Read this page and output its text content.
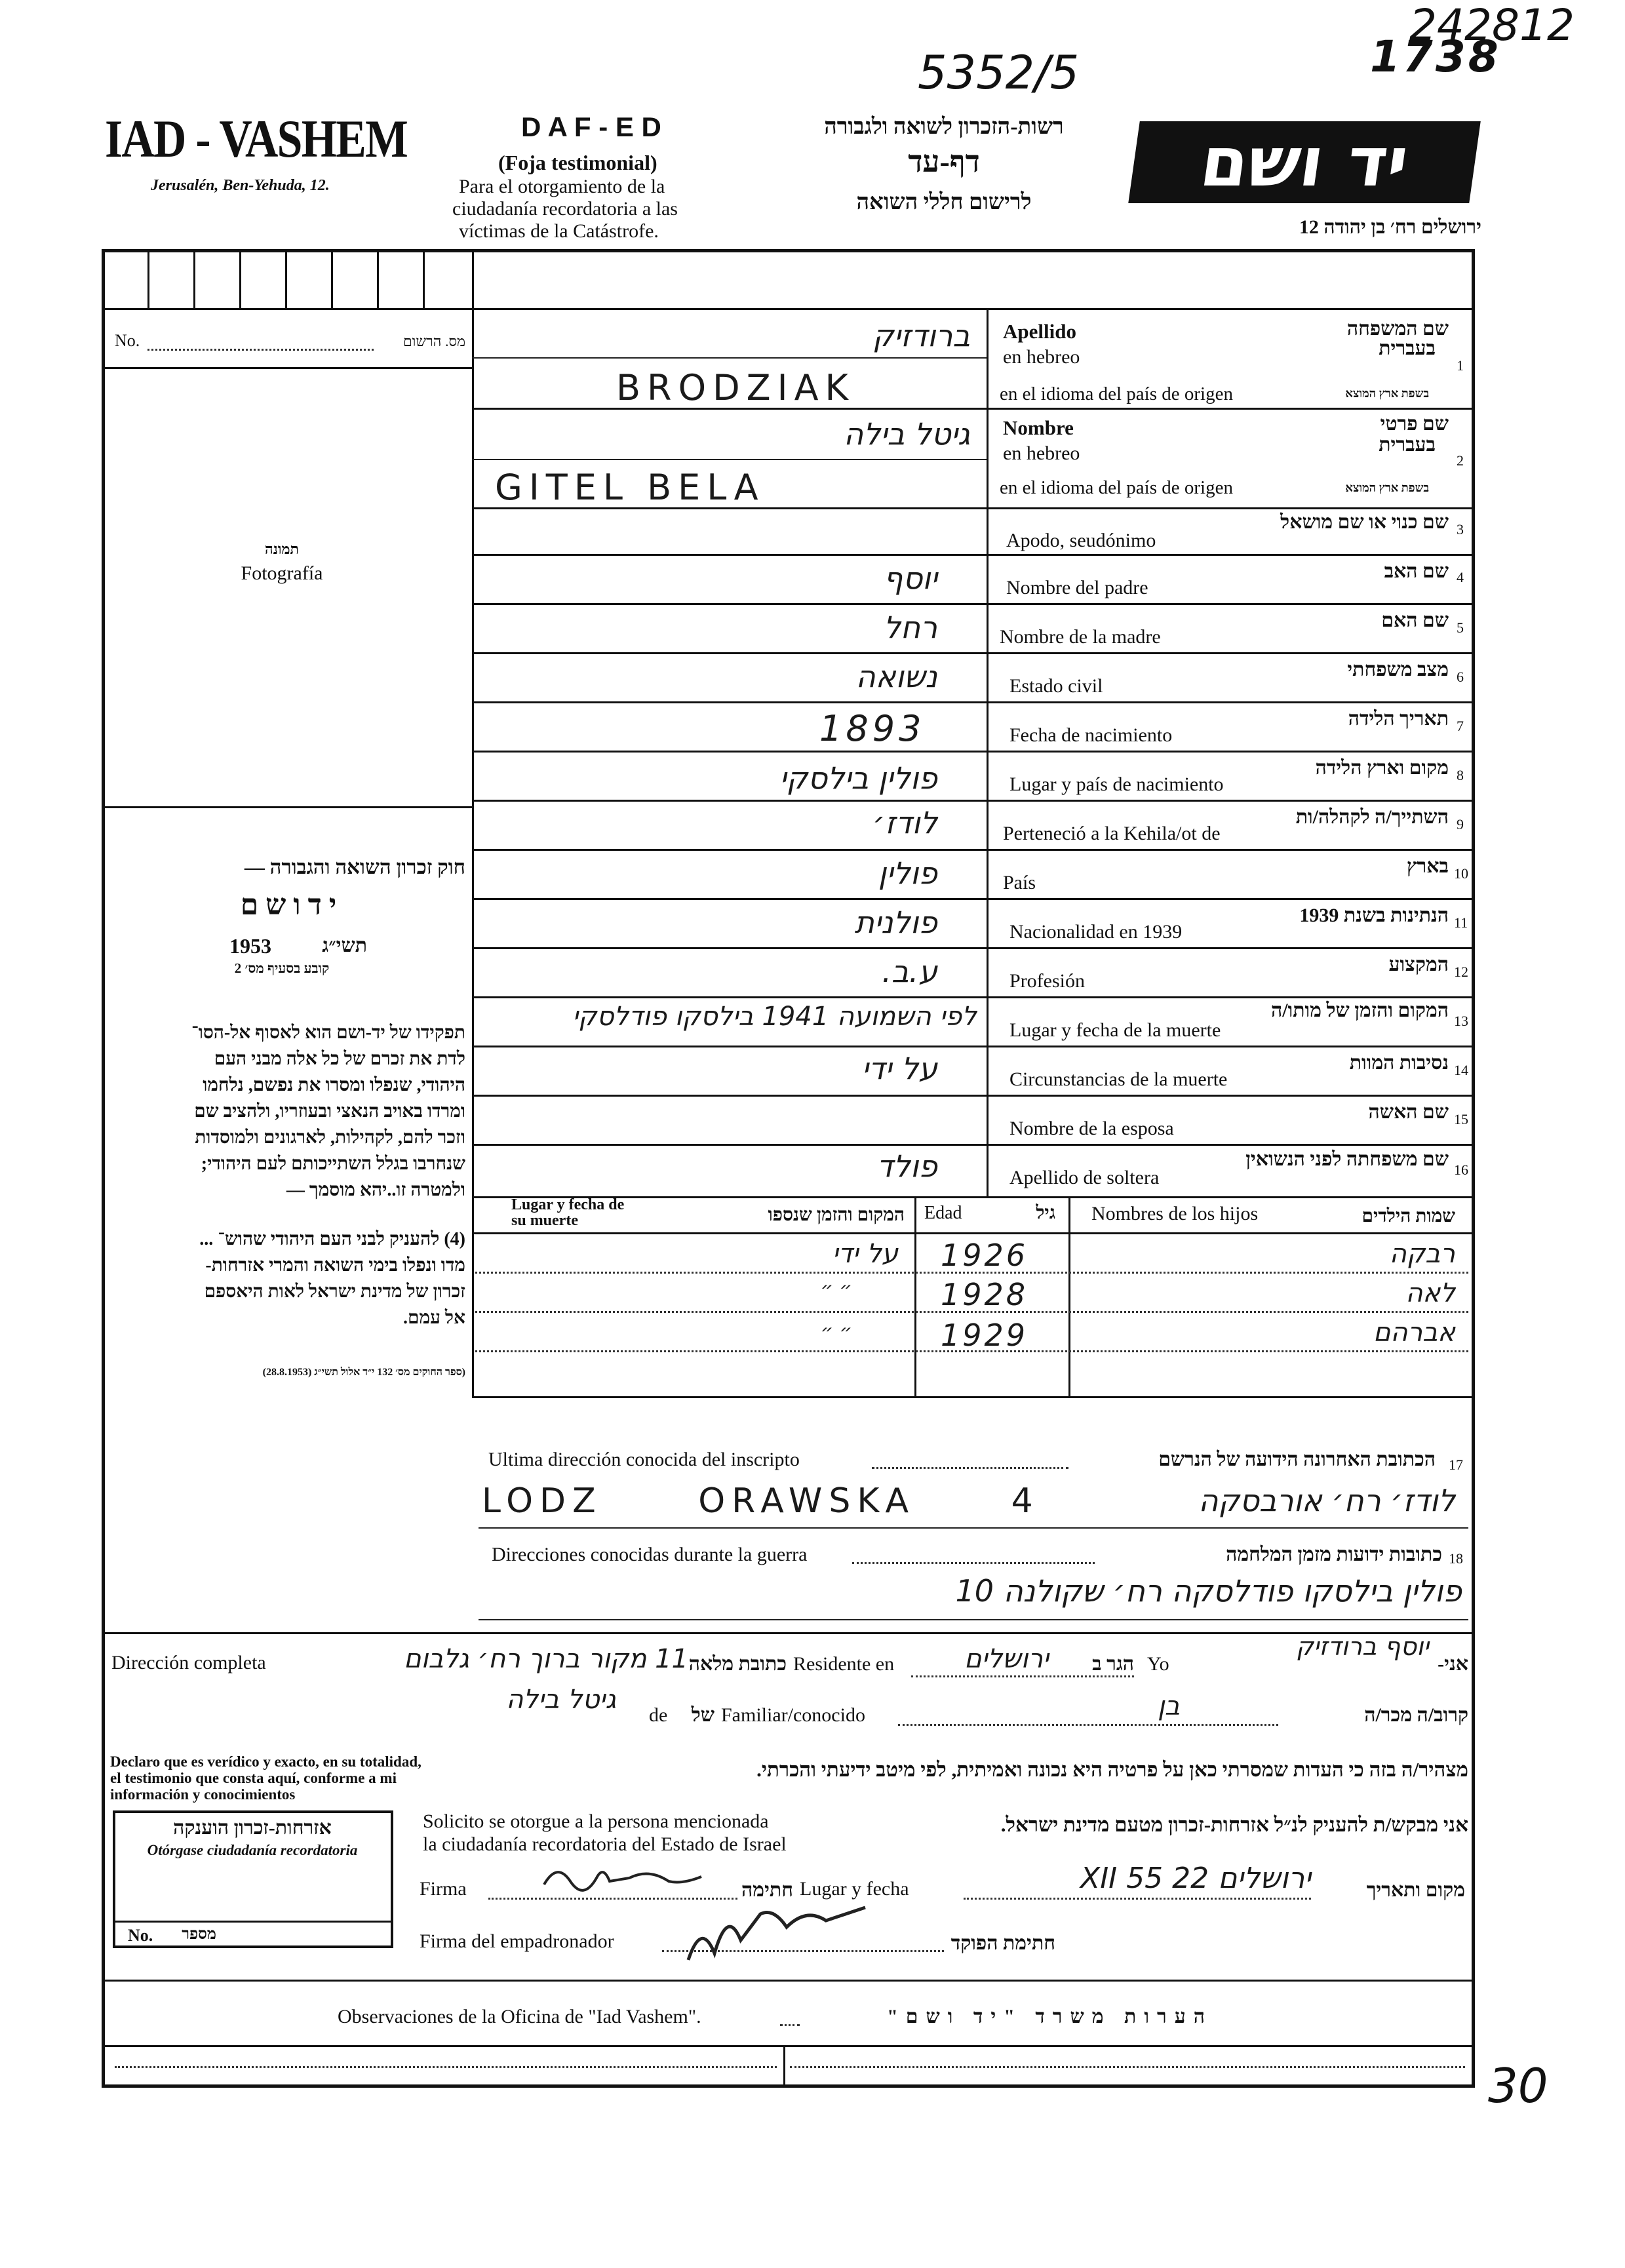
242812
1738
5352/5
IAD - VASHEM
Jerusalén, Ben-Yehuda, 12.
D A F - E D
(Foja testimonial)
Para el otorgamiento de la
ciudadanía recordatoria a las
víctimas de la Catástrofe.
רשות-הזכרון לשואה ולגבורה
דף-עד
לרישום חללי השואה
יד ושם
ירושלים רח׳ בן יהודה 12
No.	מס. הרשום
תמונה
Fotografía
חוק זכרון השואה והגבורה —
י ד ו ש ם
1953	תשי״ג
קובע בסעיף מס׳ 2
תפקידו של יד-ושם הוא לאסוף אל-הסו־
לדת את זכרם של כל אלה מבני העם
היהודי, שנפלו ומסרו את נפשם, נלחמו
ומרדו באויב הנאצי ובעוזריו, ולהציב שם
וזכר להם, לקהילות, לארגונים ולמוסדות
שנחרבו בגלל השתייכותם לעם היהודי;
ולמטרה זו..יהא מוסמך —
(4) להעניק לבני העם היהודי שהוש־ ...
מדו ונפלו בימי השואה והמרי אזרחות-
זכרון של מדינת ישראל לאות היאספם
אל עמם.
(ספר החוקים מס׳ 132 י״ד אלול תשי״ג (28.8.1953)
Apellido
en hebreo
שם המשפחה
בעברית
1
ברודזיק
en el idioma del país de origen	בשפת ארץ המוצא
BRODZIAK
Nombre
en hebreo
שם פרטי
בעברית
2
גיטל בילה
en el idioma del país de origen	בשפת ארץ המוצא
GITEL BELA
Apodo, seudónimo
שם כנוי או שם מושאל 3
Nombre del padre
שם האב 4
יוסף
Nombre de la madre
שם האם 5
רחל
Estado civil
מצב משפחתי 6
נשואה
Fecha de nacimiento
תאריך הלידה 7
1893
Lugar y país de nacimiento
מקום וארץ הלידה 8
פולין בילסקי
Perteneció a la Kehila/ot de
השתייך/ה לקהלה/ות 9
לודז׳
País
בארץ 10
פולין
Nacionalidad en 1939
הנתינות בשנת 1939 11
פולנית
Profesión
המקצוע 12
ע.ב.
Lugar y fecha de la muerte
המקום והזמן של מותו/ה 13
לפי השמועה 1941 בילסקו פודלסקי
Circunstancias de la muerte
נסיבות המוות 14
על ידי
Nombre de la esposa
שם האשה 15
Apellido de soltera
שם משפחתה לפני הנשואין 16
פולד
Lugar y fecha de su muerte	המקום והזמן שנספו Edad	גיל Nombres de los hijos	שמות הילדים
על ידי 1926	רבקה
״ ״	1928	לאה
״ ״	1929	אברהם
Ultima dirección conocida del inscripto	הכתובת האחרונה הידועה של הנרשם 17
LODZ ORAWSKA 4	לודז׳ רח׳ אורבסקה
Direcciones conocidas durante la guerra	כתובות ידועות מזמן המלחמה 18
פולין בילסקו פודלסקה רח׳ שקולנה 10
Dirección completa	11 מקור ברוך רח׳ גלבום כתובת מלאה Residente en	ירושלים	הגר ב Yo
יוסף ברודזיק
אני-
גיטל בילה
de	של Familiar/conocido	בן	קרוב/ה מכר/ה
Declaro que es verídico y exacto, en su totalidad,
el testimonio que consta aquí, conforme a mi
información y conocimientos
מצהיר/ה בזה כי העדות שמסרתי כאן על פרטיה היא נכונה ואמיתית, לפי מיטב ידיעתי והכרתי.
אזרחות-זכרון הוענקה
Otórgase ciudadanía recordatoria
No.	מספר
Solicito se otorgue a la persona mencionada
la ciudadanía recordatoria del Estado de Israel
אני מבקש/ת להעניק לנ״ל אזרחות-זכרון מטעם מדינת ישראל.
Firma	חתימה Lugar y fecha	ירושלים 22 XII 55	מקום ותאריך
Firma del empadronador	חתימת הפוקד
Observaciones de la Oficina de "Iad Vashem".	הערות משרד "יד ושם"
30
